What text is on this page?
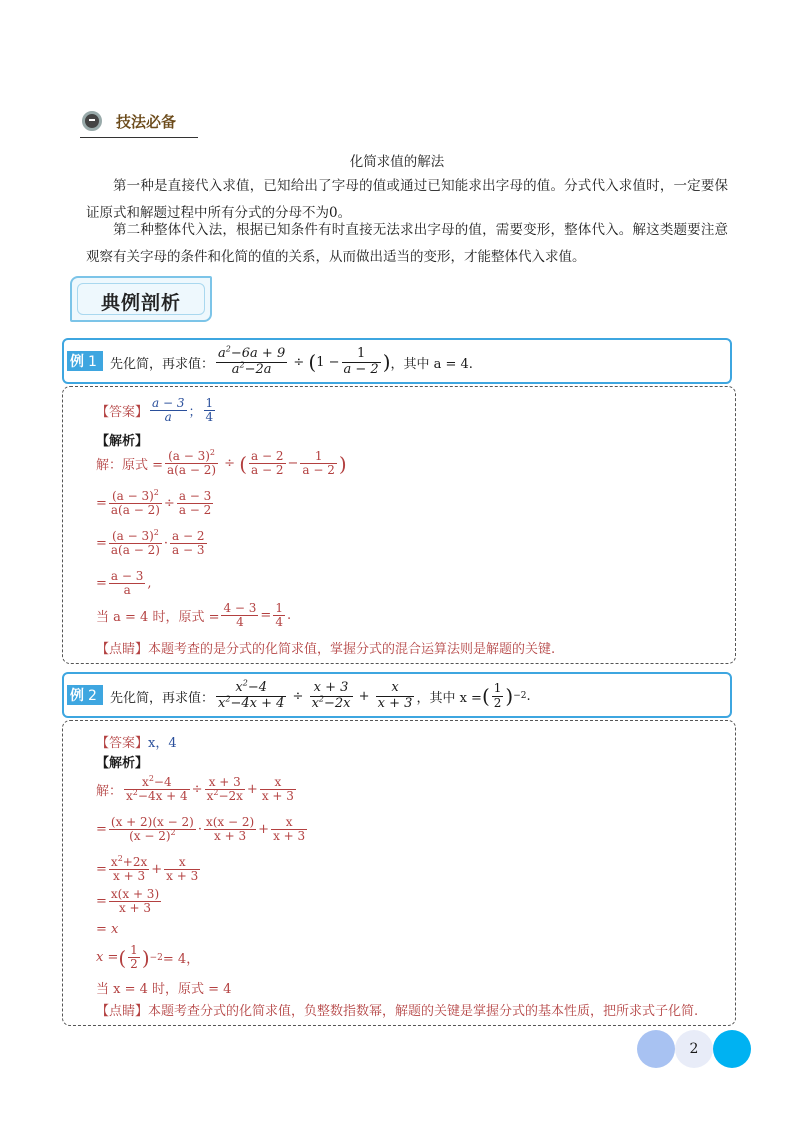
技法必备
化简求值的解法
第一种是直接代入求值，已知给出了字母的值或通过已知能求出字母的值。分式代入求值时，一定要保证原式和解题过程中所有分式的分母不为0。
第二种整体代入法，根据已知条件有时直接无法求出字母的值，需要变形，整体代入。解这类题要注意观察有关字母的条件和化简的值的关系，从而做出适当的变形，才能整体代入求值。
典例剖析
例 1	先化简，再求值： $\frac{a^2-6a + 9}{a^2-2a}$ ÷ ( $1 - \frac{1}{a - 2}$ ) ，其中 a = 4.
【答案】 $\frac{a - 3}{a}$ ； $\frac{1}{4}$
【解析】
解：原式 = $\frac{(a - 3)^2}{a(a - 2)}$ ÷ ( $\frac{a - 2}{a - 2} - \frac{1}{a - 2}$ )
= $\frac{(a - 3)^2}{a(a - 2)} \div \frac{a - 3}{a - 2}$
= $\frac{(a - 3)^2}{a(a - 2)} \cdot \frac{a - 2}{a - 3}$
= $\frac{a - 3}{a}$ ,
当 a = 4 时，原式 = $\frac{4 - 3}{4} = \frac{1}{4}$ .
【点睛】 本题考查的是分式的化简求值，掌握分式的混合运算法则是解题的关键.
例 2	先化简，再求值： $\frac{x^2-4}{x^2-4x + 4} \div \frac{x + 3}{x^2-2x} + \frac{x}{x + 3}$ ，其中 x = ( $\frac{1}{2}$ ) −2 .
【答案】 x，4
【解析】
解： $\frac{x^2-4}{x^2-4x + 4} \div \frac{x + 3}{x^2-2x} + \frac{x}{x + 3}$
= $\frac{(x + 2)(x - 2)}{(x - 2)^2} \cdot \frac{x(x - 2)}{x + 3} + \frac{x}{x + 3}$
= $\frac{x^2+2x}{x + 3} + \frac{x}{x + 3}$
= $\frac{x(x + 3)}{x + 3}$
= x
x = ( $\frac{1}{2}$ ) −2 = 4，
当 x = 4 时，原式 = 4
【点睛】 本题考查分式的化简求值，负整数指数幂，解题的关键是掌握分式的基本性质，把所求式子化简.
2
